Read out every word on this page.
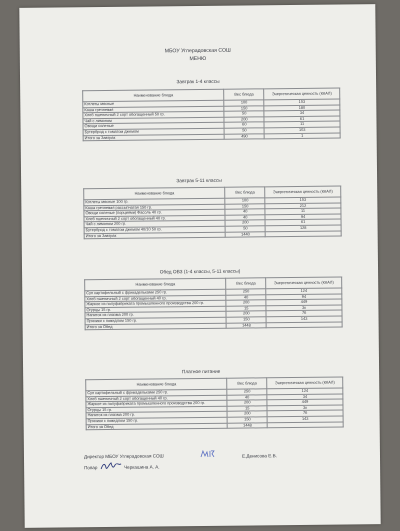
МБОУ Углерадовская СОШ
МЕНЮ
Завтрак 1-4 классы
Наименование блюда	Вес блюда	Энергетическая ценность (ККАЛ)
Котлеты мясные	100	153
Каша гречневая	150	180
Хлеб пшеничный 2 сорт обогащенный 50 гр.	50	34
Чай с лимоном	200	61
Овощи соленые	60	11
Бутерброд с томатом джемом	50	103
Итого за Завтрак	490	1
Завтрак 5-11 классы
Наименование блюда	Вес блюда	Энергетическая ценность (ККАЛ)
Котлеты мясные 100 гр.	100	153
Каша гречневая рассыпчатая 150 гр.	150	212
Овощи соленые (порциями) Фасоль 40 гр.	40	11
Хлеб пшеничный 2 сорт обогащенный 40 гр.	40	94
Чай с лимоном 200 гр.	200	61
Бутерброд с томатом джемом 40/10 50 гр.	50	128
Итого за Завтрак	1440	
Обед ОВЗ (1-4 классы, 5-11 классы)
Наименование блюда	Вес блюда	Энергетическая ценность (ККАЛ)
Суп картофельный с фрикадельками 250 гр.	250	124
Хлеб пшеничный 2 сорт обогащенный 40 гр.	40	94
Жаркое из полуфабриката промышленного производства 200 гр.	200	449
Огурцы 15 гр.	15	3к
Напиток из плазма 200 гр.	200	76
Пряники с повидлом 150 гр.	150	143
Итого за Обед	1448	
Платное питание
Наименование блюда	Вес блюда	Энергетическая ценность (ККАЛ)
Суп картофельный с фрикадельками 250 гр.	250	124
Хлеб пшеничный 2 сорт обогащенный 40 гр.	40	34
Жаркое из полуфабриката промышленного производства 200 гр.	200	449
Огурцы 15 гр.	15	3к
Напиток из плазма 200 гр.	200	76
Пряники с повидлом 150 гр.	150	143
Итого за Обед	1448	
Директор МБОУ Углерадовская СОШ	Е.Денисова Е.В.
Повар	Черкашина А. А.
